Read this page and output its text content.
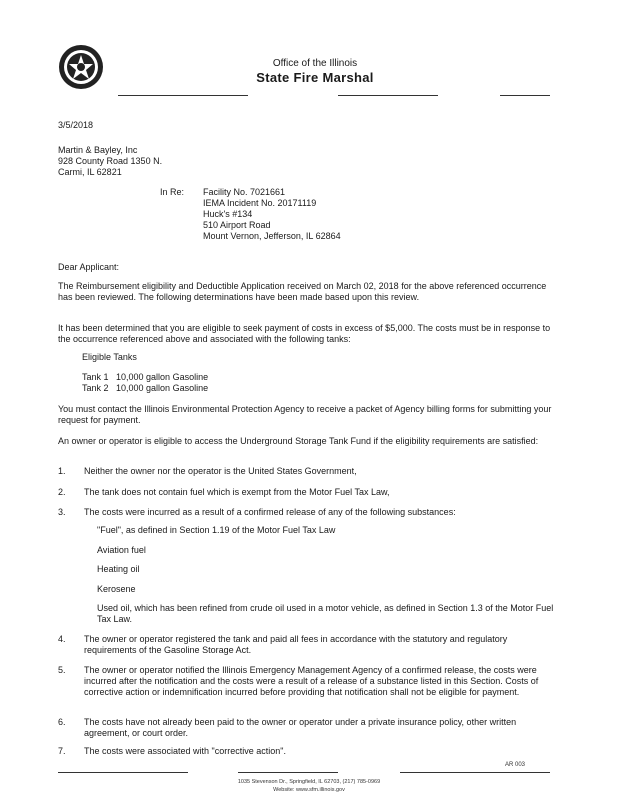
Office of the Illinois
State Fire Marshal
3/5/2018
Martin & Bayley, Inc
928 County Road 1350 N.
Carmi, IL 62821
In Re: Facility No. 7021661
IEMA Incident No. 20171119
Huck's #134
510 Airport Road
Mount Vernon, Jefferson, IL 62864
Dear Applicant:
The Reimbursement eligibility and Deductible Application received on March 02, 2018 for the above referenced occurrence has been reviewed. The following determinations have been made based upon this review.
It has been determined that you are eligible to seek payment of costs in excess of $5,000. The costs must be in response to the occurrence referenced above and associated with the following tanks:
Eligible Tanks
Tank 1   10,000 gallon Gasoline
Tank 2   10,000 gallon Gasoline
You must contact the Illinois Environmental Protection Agency to receive a packet of Agency billing forms for submitting your request for payment.
An owner or operator is eligible to access the Underground Storage Tank Fund if the eligibility requirements are satisfied:
1. Neither the owner nor the operator is the United States Government,
2. The tank does not contain fuel which is exempt from the Motor Fuel Tax Law,
3. The costs were incurred as a result of a confirmed release of any of the following substances:
"Fuel", as defined in Section 1.19 of the Motor Fuel Tax Law
Aviation fuel
Heating oil
Kerosene
Used oil, which has been refined from crude oil used in a motor vehicle, as defined in Section 1.3 of the Motor Fuel Tax Law.
4. The owner or operator registered the tank and paid all fees in accordance with the statutory and regulatory requirements of the Gasoline Storage Act.
5. The owner or operator notified the Illinois Emergency Management Agency of a confirmed release, the costs were incurred after the notification and the costs were a result of a release of a substance listed in this Section. Costs of corrective action or indemnification incurred before providing that notification shall not be eligible for payment.
6. The costs have not already been paid to the owner or operator under a private insurance policy, other written agreement, or court order.
7. The costs were associated with "corrective action".
AR 003
1035 Stevenson Dr., Springfield, IL 62703, (217) 785-0969
Website: www.sfm.illinois.gov
